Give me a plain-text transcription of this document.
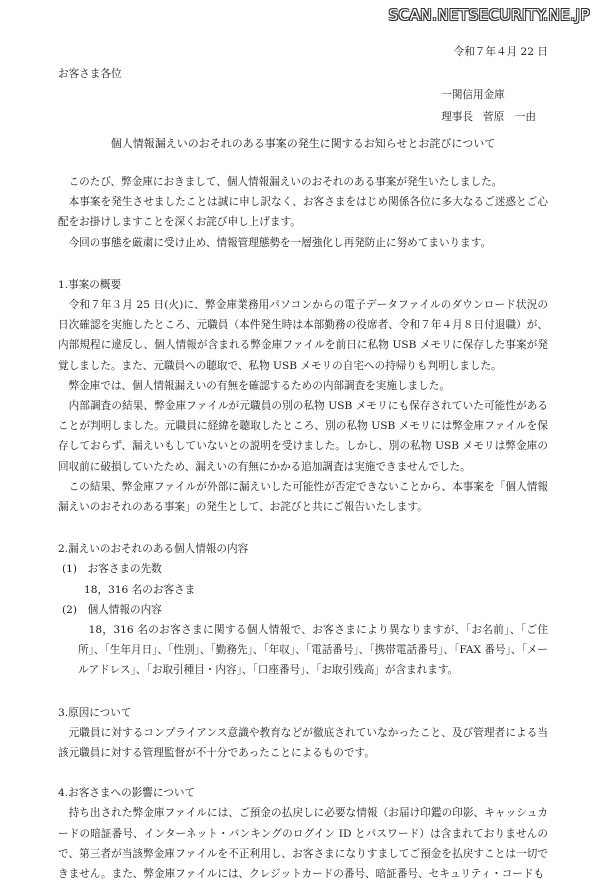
SCAN.NETSECURITY.NE.JP
令和７年４月 22 日
お客さま各位
一関信用金庫
理事長 菅原　一由
個人情報漏えいのおそれのある事案の発生に関するお知らせとお詫びについて

このたび、弊金庫におきまして、個人情報漏えいのおそれのある事案が発生いたしました。

本事案を発生させましたことは誠に申し訳なく、お客さまをはじめ関係各位に多大なるご迷惑とご心配をお掛けしますことを深くお詫び申し上げます。

今回の事態を厳粛に受け止め、情報管理態勢を一層強化し再発防止に努めてまいります。

1.事案の概要

令和７年３月 25 日(火)に、弊金庫業務用パソコンからの電子データファイルのダウンロード状況の日次確認を実施したところ、元職員（本件発生時は本部勤務の役席者、令和７年４月８日付退職）が、内部規程に違反し、個人情報が含まれる弊金庫ファイルを前日に私物 USB メモリに保存した事案が発覚しました。また、元職員への聴取で、私物 USB メモリの自宅への持帰りも判明しました。

弊金庫では、個人情報漏えいの有無を確認するための内部調査を実施しました。

内部調査の結果、弊金庫ファイルが元職員の別の私物 USB メモリにも保存されていた可能性があることが判明しました。元職員に経緯を聴取したところ、別の私物 USB メモリには弊金庫ファイルを保存しておらず、漏えいもしていないとの説明を受けました。しかし、別の私物 USB メモリは弊金庫の回収前に破損していたため、漏えいの有無にかかる追加調査は実施できませんでした。

この結果、弊金庫ファイルが外部に漏えいした可能性が否定できないことから、本事案を「個人情報漏えいのおそれのある事案」の発生として、お詫びと共にご報告いたします。

2.漏えいのおそれのある個人情報の内容

(1)　お客さまの先数

18，316 名のお客さま

(2)　個人情報の内容

18，316 名のお客さまに関する個人情報で、お客さまにより異なりますが、「お名前」、「ご住所」、「生年月日」、「性別」、「勤務先」、「年収」、「電話番号」、「携帯電話番号」、「FAX 番号」、「メールアドレス」、「お取引種目・内容」、「口座番号」、「お取引残高」が含まれます。

3.原因について

元職員に対するコンプライアンス意識や教育などが徹底されていなかったこと、及び管理者による当該元職員に対する管理監督が不十分であったことによるものです。

4.お客さまへの影響について

持ち出された弊金庫ファイルには、ご預金の払戻しに必要な情報（お届け印鑑の印影、キャッシュカードの暗証番号、インターネット・バンキングのログイン ID とパスワード）は含まれておりませんので、第三者が当該弊金庫ファイルを不正利用し、お客さまになりすましてご預金を払戻すことは一切できません。また、弊金庫ファイルには、クレジットカードの番号、暗証番号、セキュリティ・コードも
